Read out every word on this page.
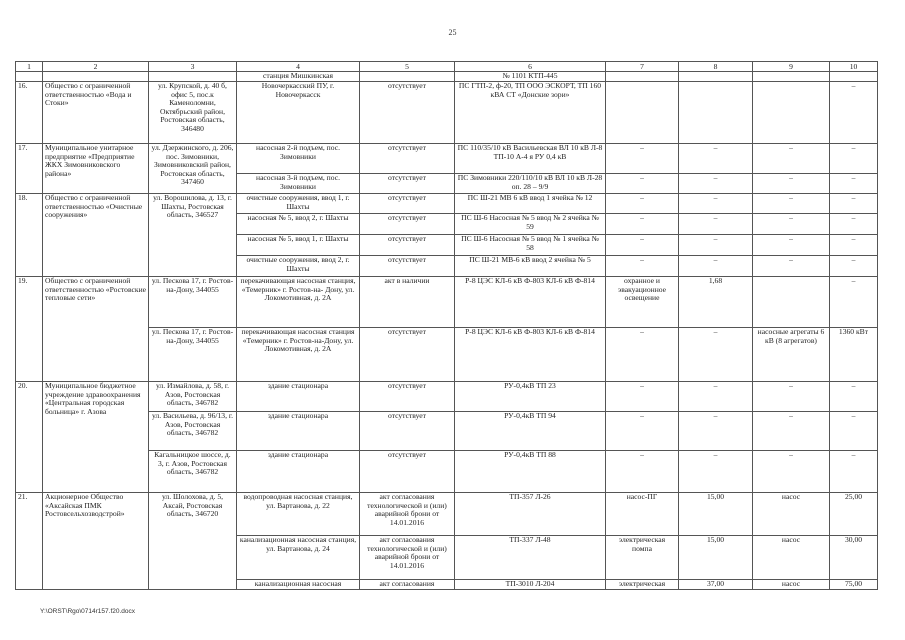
25
1	2	3	4	5	6	7	8	9	10
			станция Мишкинская		№ 1101 КТП-445				
16.	Общество с ограниченной ответственностью «Вода и Стоки»	ул. Крупской, д. 40 б, офис 5, пос.к Каменоломни, Октябрьский район, Ростовская область, 346480	Новочеркасский ПУ, г. Новочеркасск	отсутствует	ПС ГТП-2, ф-20, ТП ООО ЭСКОРТ, ТП 160 кВА СТ «Донские зори»				–
17.	Муниципальное унитарное предприятие «Предприятие ЖКХ Зимовниковского района»	ул. Дзержинского, д. 206, пос. Зимовники, Зимовниковский район, Ростовская область, 347460	насосная 2-й подъем, пос. Зимовники	отсутствует	ПС 110/35/10 кВ Васильевская ВЛ 10 кВ Л-8 ТП-10 А-4 я РУ 0,4 кВ	–	–	–	–
			насосная 3-й подъем, пос. Зимовники	отсутствует	ПС Зимовники 220/110/10 кВ ВЛ 10 кВ Л-28 оп. 28 – 9/9	–	–	–	–
18.	Общество с ограниченной ответственностью «Очистные сооружения»	ул. Ворошилова, д. 13, г. Шахты, Ростовская область, 346527	очистные сооружения, ввод 1, г. Шахты	отсутствует	ПС Ш-21 МВ 6 кВ ввод 1 ячейка № 12	–	–	–	–
			насосная № 5, ввод 2, г. Шахты	отсутствует	ПС Ш-6 Насосная № 5 ввод № 2 ячейка № 59	–	–	–	–
			насосная № 5, ввод 1, г. Шахты	отсутствует	ПС Ш-6 Насосная № 5 ввод № 1 ячейка № 58	–	–	–	–
			очистные сооружения, ввод 2, г. Шахты	отсутствует	ПС Ш-21 МВ-6 кВ ввод 2 ячейка № 5	–	–	–	–
19.	Общество с ограниченной ответственностью «Ростовские тепловые сети»	ул. Пескова 17, г. Ростов-на-Дону, 344055	перекачивающая насосная станция, «Темерник» г. Ростов-на- Дону, ул. Локомотивная, д. 2А	акт в наличии	Р-8 ЦЭС КЛ-6 кВ Ф-803 КЛ-6 кВ Ф-814	охранное и эвакуационное освещение	1,68		–
		ул. Пескова 17, г. Ростов-на-Дону, 344055	перекачивающая насосная станция «Темерник» г. Ростов-на-Дону, ул. Локомотивная, д. 2А	отсутствует	Р-8 ЦЭС КЛ-6 кВ Ф-803 КЛ-6 кВ Ф-814	–	–	насосные агрегаты 6 кВ (8 агрегатов)	1360 кВт
20.	Муниципальное бюджетное учреждение здравоохранения «Центральная городская больница» г. Азова	ул. Измайлова, д. 58, г. Азов, Ростовская область, 346782	здание стационара	отсутствует	РУ-0,4кВ ТП 23	–	–	–	–
		ул. Васильева, д. 96/13, г. Азов, Ростовская область, 346782	здание стационара	отсутствует	РУ-0,4кВ ТП 94	–	–	–	–
		Кагальницкое шоссе, д. 3, г. Азов, Ростовская область, 346782	здание стационара	отсутствует	РУ-0,4кВ ТП 88	–	–	–	–
21.	Акционерное Общество «Аксайская ПМК Ростовсельхозводстрой»	ул. Шолохова, д. 5, Аксай, Ростовская область, 346720	водопроводная насосная станция, ул. Вартанова, д. 22	акт согласования технологической и (или) аварийной брони от 14.01.2016	ТП-357 Л-26	насос-ПГ	15,00	насос	25,00
			канализационная насосная станция, ул. Вартанова, д. 24	акт согласования технологической и (или) аварийной брони от 14.01.2016	ТП-337 Л-48	электрическая помпа	15,00	насос	30,00
			канализационная насосная	акт согласования	ТП-3010 Л-204	электрическая	37,00	насос	75,00
Y:\ORST\Rgo\0714r157.f20.docx
